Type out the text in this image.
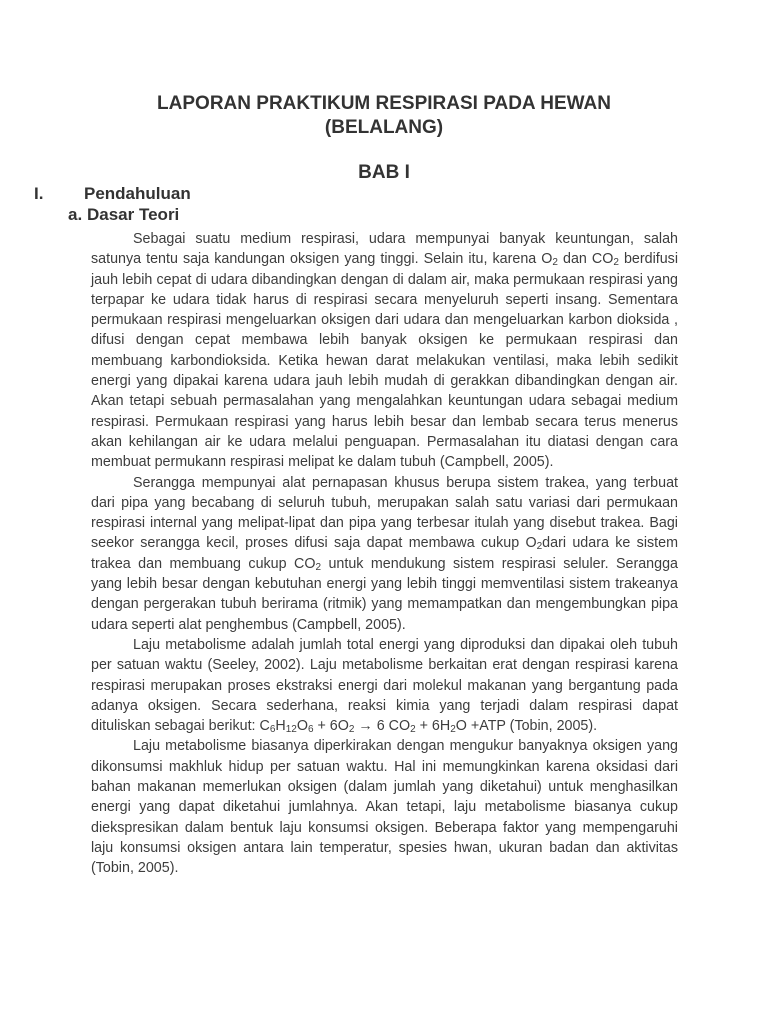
LAPORAN PRAKTIKUM RESPIRASI PADA HEWAN
(BELALANG)
BAB I
I. Pendahuluan
a. Dasar Teori

Sebagai suatu medium respirasi, udara mempunyai banyak keuntungan, salah satunya tentu saja kandungan oksigen yang tinggi. Selain itu, karena $O_2$ dan $CO_2$ berdifusi jauh lebih cepat di udara dibandingkan dengan di dalam air, maka permukaan respirasi yang terpapar ke udara tidak harus di respirasi secara menyeluruh seperti insang. Sementara permukaan respirasi mengeluarkan oksigen dari udara dan mengeluarkan karbon dioksida , difusi dengan cepat membawa lebih banyak oksigen ke permukaan respirasi dan membuang karbondioksida. Ketika hewan darat melakukan ventilasi, maka lebih sedikit energi yang dipakai karena udara jauh lebih mudah di gerakkan dibandingkan dengan air. Akan tetapi sebuah permasalahan yang mengalahkan keuntungan udara sebagai medium respirasi. Permukaan respirasi yang harus lebih besar dan lembab secara terus menerus akan kehilangan air ke udara melalui penguapan. Permasalahan itu diatasi dengan cara membuat permukann respirasi melipat ke dalam tubuh (Campbell, 2005).

Serangga mempunyai alat pernapasan khusus berupa sistem trakea, yang terbuat dari pipa yang becabang di seluruh tubuh, merupakan salah satu variasi dari permukaan respirasi internal yang melipat-lipat dan pipa yang terbesar itulah yang disebut trakea. Bagi seekor serangga kecil, proses difusi saja dapat membawa cukup $O_2dari$ udara ke sistem trakea dan membuang cukup $CO_2$ untuk mendukung sistem respirasi seluler. Serangga yang lebih besar dengan kebutuhan energi yang lebih tinggi memventilasi sistem trakeanya dengan pergerakan tubuh berirama (ritmik) yang memampatkan dan mengembungkan pipa udara seperti alat penghembus (Campbell, 2005).

Laju metabolisme adalah jumlah total energi yang diproduksi dan dipakai oleh tubuh per satuan waktu (Seeley, 2002). Laju metabolisme berkaitan erat dengan respirasi karena respirasi merupakan proses ekstraksi energi dari molekul makanan yang bergantung pada adanya oksigen. Secara sederhana, reaksi kimia yang terjadi dalam respirasi dapat dituliskan sebagai berikut: $C_6H_{12}O_6 + 6O_2 \to 6$ $CO_2 + 6H_2O +ATP$ (Tobin, 2005).

Laju metabolisme biasanya diperkirakan dengan mengukur banyaknya oksigen yang dikonsumsi makhluk hidup per satuan waktu. Hal ini memungkinkan karena oksidasi dari bahan makanan memerlukan oksigen (dalam jumlah yang diketahui) untuk menghasilkan energi yang dapat diketahui jumlahnya. Akan tetapi, laju metabolisme biasanya cukup diekspresikan dalam bentuk laju konsumsi oksigen. Beberapa faktor yang mempengaruhi laju konsumsi oksigen antara lain temperatur, spesies hwan, ukuran badan dan aktivitas (Tobin, 2005).
